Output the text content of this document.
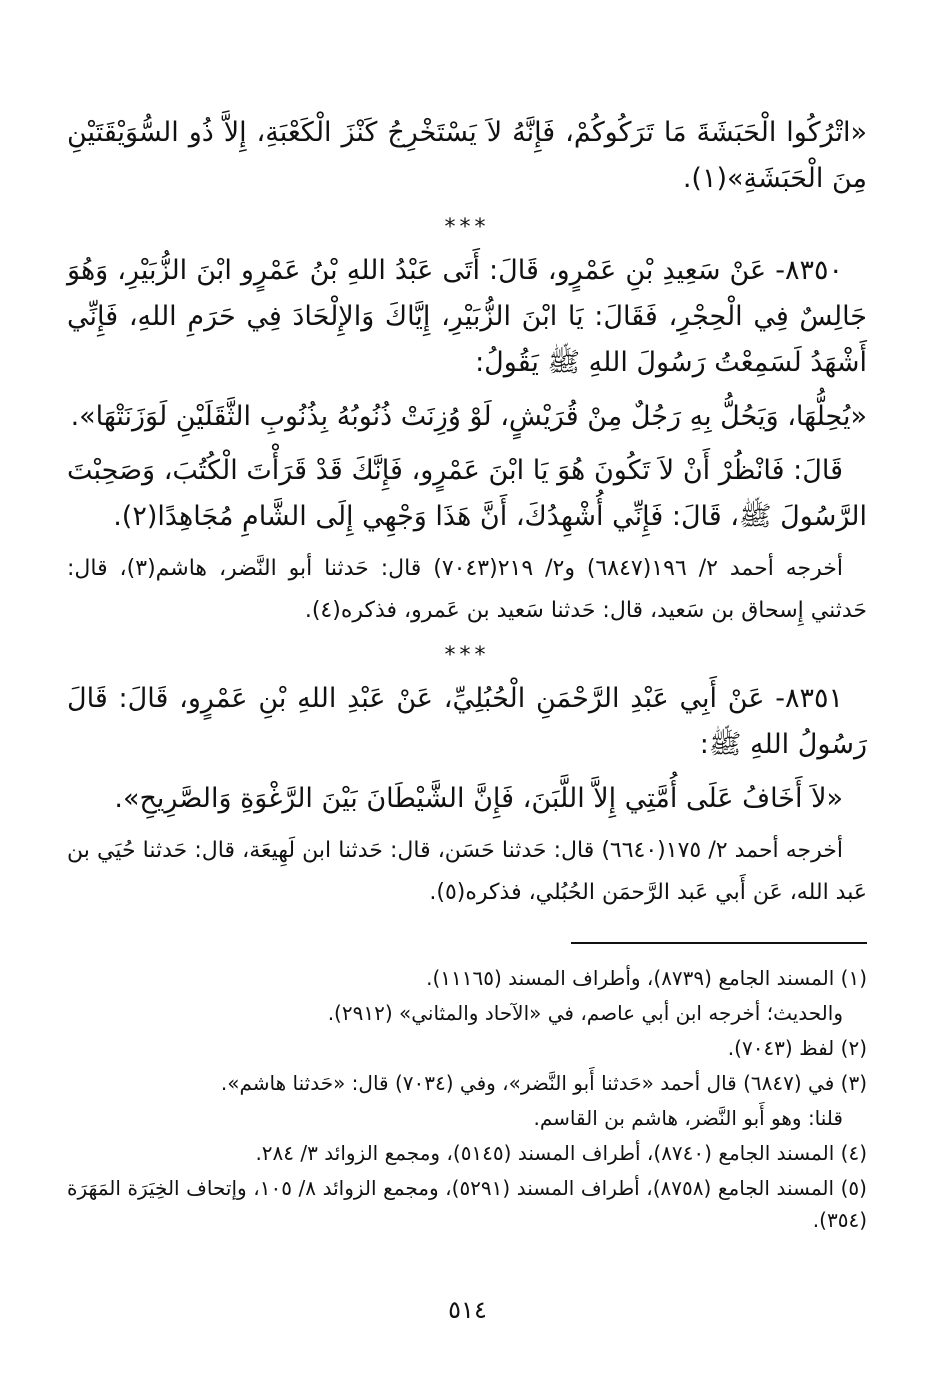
«اتْرُكُوا الْحَبَشَةَ مَا تَرَكُوكُمْ، فَإِنَّهُ لاَ يَسْتَخْرِجُ كَنْزَ الْكَعْبَةِ، إِلاَّ ذُو السُّوَيْقَتَيْنِ مِنَ الْحَبَشَةِ»(١).

***

٨٣٥٠- عَنْ سَعِيدِ بْنِ عَمْرٍو، قَالَ: أَتَى عَبْدُ اللهِ بْنُ عَمْرٍو ابْنَ الزُّبَيْرِ، وَهُوَ جَالِسٌ فِي الْحِجْرِ، فَقَالَ: يَا ابْنَ الزُّبَيْرِ، إِيَّاكَ وَالإِلْحَادَ فِي حَرَمِ اللهِ، فَإِنِّي أَشْهَدُ لَسَمِعْتُ رَسُولَ اللهِ ﷺ يَقُولُ:

«يُحِلُّهَا، وَيَحُلُّ بِهِ رَجُلٌ مِنْ قُرَيْشٍ، لَوْ وُزِنَتْ ذُنُوبُهُ بِذُنُوبِ الثَّقَلَيْنِ لَوَزَنَتْهَا».

قَالَ: فَانْظُرْ أَنْ لاَ تَكُونَ هُوَ يَا ابْنَ عَمْرٍو، فَإِنَّكَ قَدْ قَرَأْتَ الْكُتُبَ، وَصَحِبْتَ الرَّسُولَ ﷺ، قَالَ: فَإِنِّي أُشْهِدُكَ، أَنَّ هَذَا وَجْهِي إِلَى الشَّامِ مُجَاهِدًا(٢).

أخرجه أحمد ٢/ ١٩٦(٦٨٤٧) و٢/ ٢١٩(٧٠٤٣) قال: حَدثنا أبو النَّضر، هاشم(٣)، قال: حَدثني إِسحاق بن سَعيد، قال: حَدثنا سَعيد بن عَمرو، فذكره(٤).

***

٨٣٥١- عَنْ أَبِي عَبْدِ الرَّحْمَنِ الْحُبُلِيِّ، عَنْ عَبْدِ اللهِ بْنِ عَمْرٍو، قَالَ: قَالَ رَسُولُ اللهِ ﷺ:

«لاَ أَخَافُ عَلَى أُمَّتِي إِلاَّ اللَّبَنَ، فَإِنَّ الشَّيْطَانَ بَيْنَ الرَّغْوَةِ وَالصَّرِيحِ».

أخرجه أحمد ٢/ ١٧٥(٦٦٤٠) قال: حَدثنا حَسَن، قال: حَدثنا ابن لَهِيعَة، قال: حَدثنا حُيَي بن عَبد الله، عَن أَبي عَبد الرَّحمَن الحُبُلي، فذكره(٥).

(١) المسند الجامع (٨٧٣٩)، وأطراف المسند (١١١٦٥).

والحديث؛ أخرجه ابن أبي عاصم، في «الآحاد والمثاني» (٢٩١٢).

(٢) لفظ (٧٠٤٣).

(٣) في (٦٨٤٧) قال أحمد «حَدثنا أَبو النَّضر»، وفي (٧٠٣٤) قال: «حَدثنا هاشم».

قلنا: وهو أَبو النَّضر، هاشم بن القاسم.

(٤) المسند الجامع (٨٧٤٠)، أطراف المسند (٥١٤٥)، ومجمع الزوائد ٣/ ٢٨٤.

(٥) المسند الجامع (٨٧٥٨)، أطراف المسند (٥٢٩١)، ومجمع الزوائد ٨/ ١٠٥، وإتحاف الخِيَرَة المَهَرَة (٣٥٤).

٥١٤
